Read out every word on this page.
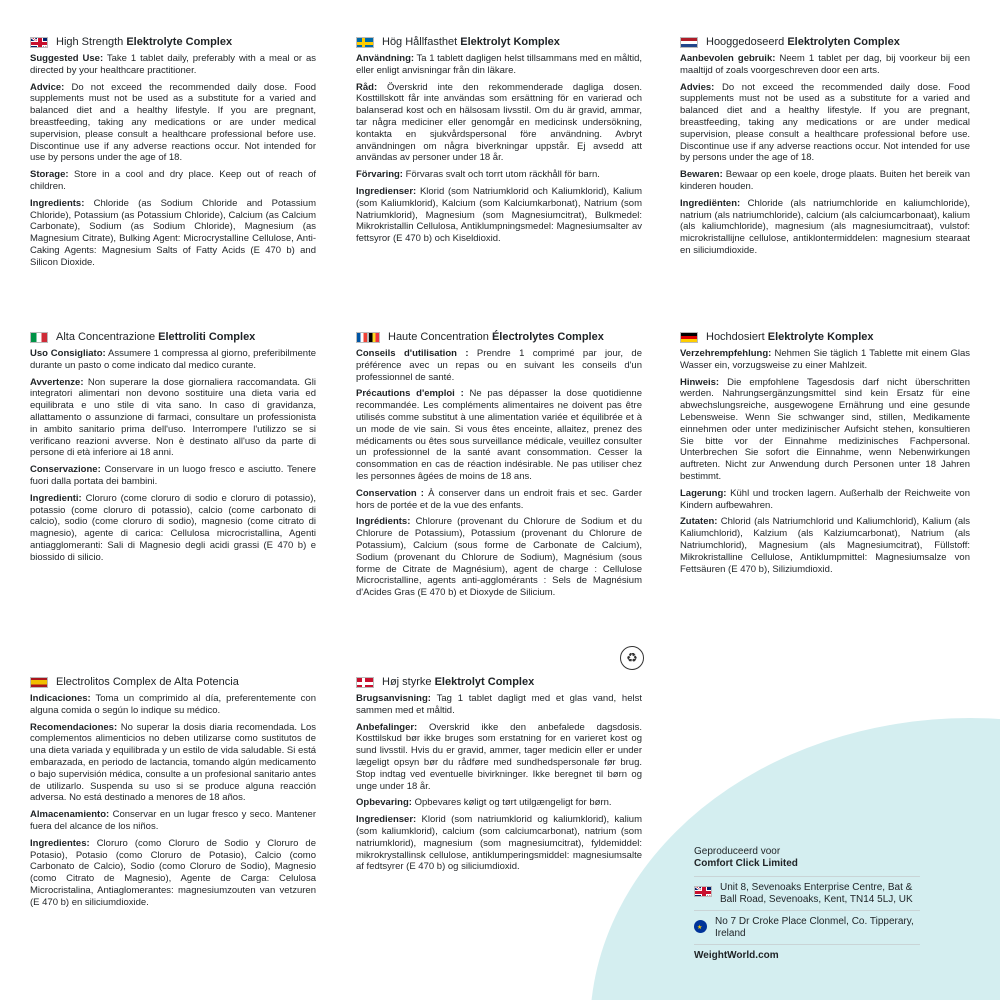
High Strength Elektrolyte Complex

Suggested Use: Take 1 tablet daily, preferably with a meal or as directed by your healthcare practitioner.

Advice: Do not exceed the recommended daily dose. Food supplements must not be used as a substitute for a varied and balanced diet and a healthy lifestyle. If you are pregnant, breastfeeding, taking any medications or are under medical supervision, please consult a healthcare professional before use. Discontinue use if any adverse reactions occur. Not intended for use by persons under the age of 18.

Storage: Store in a cool and dry place. Keep out of reach of children.

Ingredients: Chloride (as Sodium Chloride and Potassium Chloride), Potassium (as Potassium Chloride), Calcium (as Calcium Carbonate), Sodium (as Sodium Chloride), Magnesium (as Magnesium Citrate), Bulking Agent: Microcrystalline Cellulose, Anti-Caking Agents: Magnesium Salts of Fatty Acids (E 470 b) and Silicon Dioxide.

Hög Hållfasthet Elektrolyt Komplex

Användning: Ta 1 tablett dagligen helst tillsammans med en måltid, eller enligt anvisningar från din läkare.

Råd: Överskrid inte den rekommenderade dagliga dosen. Kosttillskott får inte användas som ersättning för en varierad och balanserad kost och en hälsosam livsstil. Om du är gravid, ammar, tar några mediciner eller genomgår en medicinsk undersökning, kontakta en sjukvårdspersonal före användning. Avbryt användningen om några biverkningar uppstår. Ej avsedd att användas av personer under 18 år.

Förvaring: Förvaras svalt och torrt utom räckhåll för barn.

Ingredienser: Klorid (som Natriumklorid och Kaliumklorid), Kalium (som Kaliumklorid), Kalcium (som Kalciumkarbonat), Natrium (som Natriumklorid), Magnesium (som Magnesiumcitrat), Bulkmedel: Mikrokristallin Cellulosa, Antiklumpningsmedel: Magnesiumsalter av fettsyror (E 470 b) och Kiseldioxid.

Hooggedoseerd Elektrolyten Complex

Aanbevolen gebruik: Neem 1 tablet per dag, bij voorkeur bij een maaltijd of zoals voorgeschreven door een arts.

Advies: Do not exceed the recommended daily dose. Food supplements must not be used as a substitute for a varied and balanced diet and a healthy lifestyle. If you are pregnant, breastfeeding, taking any medications or are under medical supervision, please consult a healthcare professional before use. Discontinue use if any adverse reactions occur. Not intended for use by persons under the age of 18.

Bewaren: Bewaar op een koele, droge plaats. Buiten het bereik van kinderen houden.

Ingrediënten: Chloride (als natriumchloride en kaliumchloride), natrium (als natriumchloride), calcium (als calciumcarbonaat), kalium (als kaliumchloride), magnesium (als magnesiumcitraat), vulstof: microkristallijne cellulose, antiklontermiddelen: magnesium stearaat en siliciumdioxide.

Alta Concentrazione Elettroliti Complex

Uso Consigliato: Assumere 1 compressa al giorno, preferibilmente durante un pasto o come indicato dal medico curante.

Avvertenze: Non superare la dose giornaliera raccomandata. Gli integratori alimentari non devono sostituire una dieta varia ed equilibrata e uno stile di vita sano. In caso di gravidanza, allattamento o assunzione di farmaci, consultare un professionista in ambito sanitario prima dell'uso. Interrompere l'utilizzo se si verificano reazioni avverse. Non è destinato all'uso da parte di persone di età inferiore ai 18 anni.

Conservazione: Conservare in un luogo fresco e asciutto. Tenere fuori dalla portata dei bambini.

Ingredienti: Cloruro (come cloruro di sodio e cloruro di potassio), potassio (come cloruro di potassio), calcio (come carbonato di calcio), sodio (come cloruro di sodio), magnesio (come citrato di magnesio), agente di carica: Cellulosa microcristallina, Agenti antiagglomeranti: Sali di Magnesio degli acidi grassi (E 470 b) e biossido di silicio.

Haute Concentration Électrolytes Complex

Conseils d'utilisation : Prendre 1 comprimé par jour, de préférence avec un repas ou en suivant les conseils d'un professionnel de santé.

Précautions d'emploi : Ne pas dépasser la dose quotidienne recommandée. Les compléments alimentaires ne doivent pas être utilisés comme substitut à une alimentation variée et équilibrée et à un mode de vie sain. Si vous êtes enceinte, allaitez, prenez des médicaments ou êtes sous surveillance médicale, veuillez consulter un professionnel de la santé avant consommation. Cesser la consommation en cas de réaction indésirable. Ne pas utiliser chez les personnes âgées de moins de 18 ans.

Conservation : À conserver dans un endroit frais et sec. Garder hors de portée et de la vue des enfants.

Ingrédients: Chlorure (provenant du Chlorure de Sodium et du Chlorure de Potassium), Potassium (provenant du Chlorure de Potassium), Calcium (sous forme de Carbonate de Calcium), Sodium (provenant du Chlorure de Sodium), Magnésium (sous forme de Citrate de Magnésium), agent de charge : Cellulose Microcristalline, agents anti-agglomérants : Sels de Magnésium d'Acides Gras (E 470 b) et Dioxyde de Silicium.

♻
Hochdosiert Elektrolyte Komplex

Verzehrempfehlung: Nehmen Sie täglich 1 Tablette mit einem Glas Wasser ein, vorzugsweise zu einer Mahlzeit.

Hinweis: Die empfohlene Tagesdosis darf nicht überschritten werden. Nahrungsergänzungsmittel sind kein Ersatz für eine abwechslungsreiche, ausgewogene Ernährung und eine gesunde Lebensweise. Wenn Sie schwanger sind, stillen, Medikamente einnehmen oder unter medizinischer Aufsicht stehen, konsultieren Sie bitte vor der Einnahme medizinisches Fachpersonal. Unterbrechen Sie sofort die Einnahme, wenn Nebenwirkungen auftreten. Nicht zur Anwendung durch Personen unter 18 Jahren bestimmt.

Lagerung: Kühl und trocken lagern. Außerhalb der Reichweite von Kindern aufbewahren.

Zutaten: Chlorid (als Natriumchlorid und Kaliumchlorid), Kalium (als Kaliumchlorid), Kalzium (als Kalziumcarbonat), Natrium (als Natriumchlorid), Magnesium (als Magnesiumcitrat), Füllstoff: Mikrokristalline Cellulose, Antiklumpmittel: Magnesiumsalze von Fettsäuren (E 470 b), Siliziumdioxid.

Electrolitos Complex de Alta Potencia

Indicaciones: Toma un comprimido al día, preferentemente con alguna comida o según lo indique su médico.

Recomendaciones: No superar la dosis diaria recomendada. Los complementos alimenticios no deben utilizarse como sustitutos de una dieta variada y equilibrada y un estilo de vida saludable. Si está embarazada, en periodo de lactancia, tomando algún medicamento o bajo supervisión médica, consulte a un profesional sanitario antes de utilizarlo. Suspenda su uso si se produce alguna reacción adversa. No está destinado a menores de 18 años.

Almacenamiento: Conservar en un lugar fresco y seco. Mantener fuera del alcance de los niños.

Ingredientes: Cloruro (como Cloruro de Sodio y Cloruro de Potasio), Potasio (como Cloruro de Potasio), Calcio (como Carbonato de Calcio), Sodio (como Cloruro de Sodio), Magnesio (como Citrato de Magnesio), Agente de Carga: Celulosa Microcristalina, Antiaglomerantes: magnesiumzouten van vetzuren (E 470 b) en siliciumdioxide.

Høj styrke Elektrolyt Complex

Brugsanvisning: Tag 1 tablet dagligt med et glas vand, helst sammen med et måltid.

Anbefalinger: Overskrid ikke den anbefalede dagsdosis. Kosttilskud bør ikke bruges som erstatning for en varieret kost og sund livsstil. Hvis du er gravid, ammer, tager medicin eller er under lægeligt opsyn bør du rådføre med sundhedspersonale før brug. Stop indtag ved eventuelle bivirkninger. Ikke beregnet til børn og unge under 18 år.

Opbevaring: Opbevares køligt og tørt utilgængeligt for børn.

Ingredienser: Klorid (som natriumklorid og kaliumklorid), kalium (som kaliumklorid), calcium (som calciumcarbonat), natrium (som natriumklorid), magnesium (som magnesiumcitrat), fyldemiddel: mikrokrystallinsk cellulose, antiklumperingsmiddel: magnesiumsalte af fedtsyrer (E 470 b) og siliciumdioxid.

Geproduceerd voor
Comfort Click Limited
Unit 8, Sevenoaks Enterprise Centre, Bat & Ball Road, Sevenoaks, Kent, TN14 5LJ, UK
★
No 7 Dr Croke Place Clonmel, Co. Tipperary, Ireland
WeightWorld.com
